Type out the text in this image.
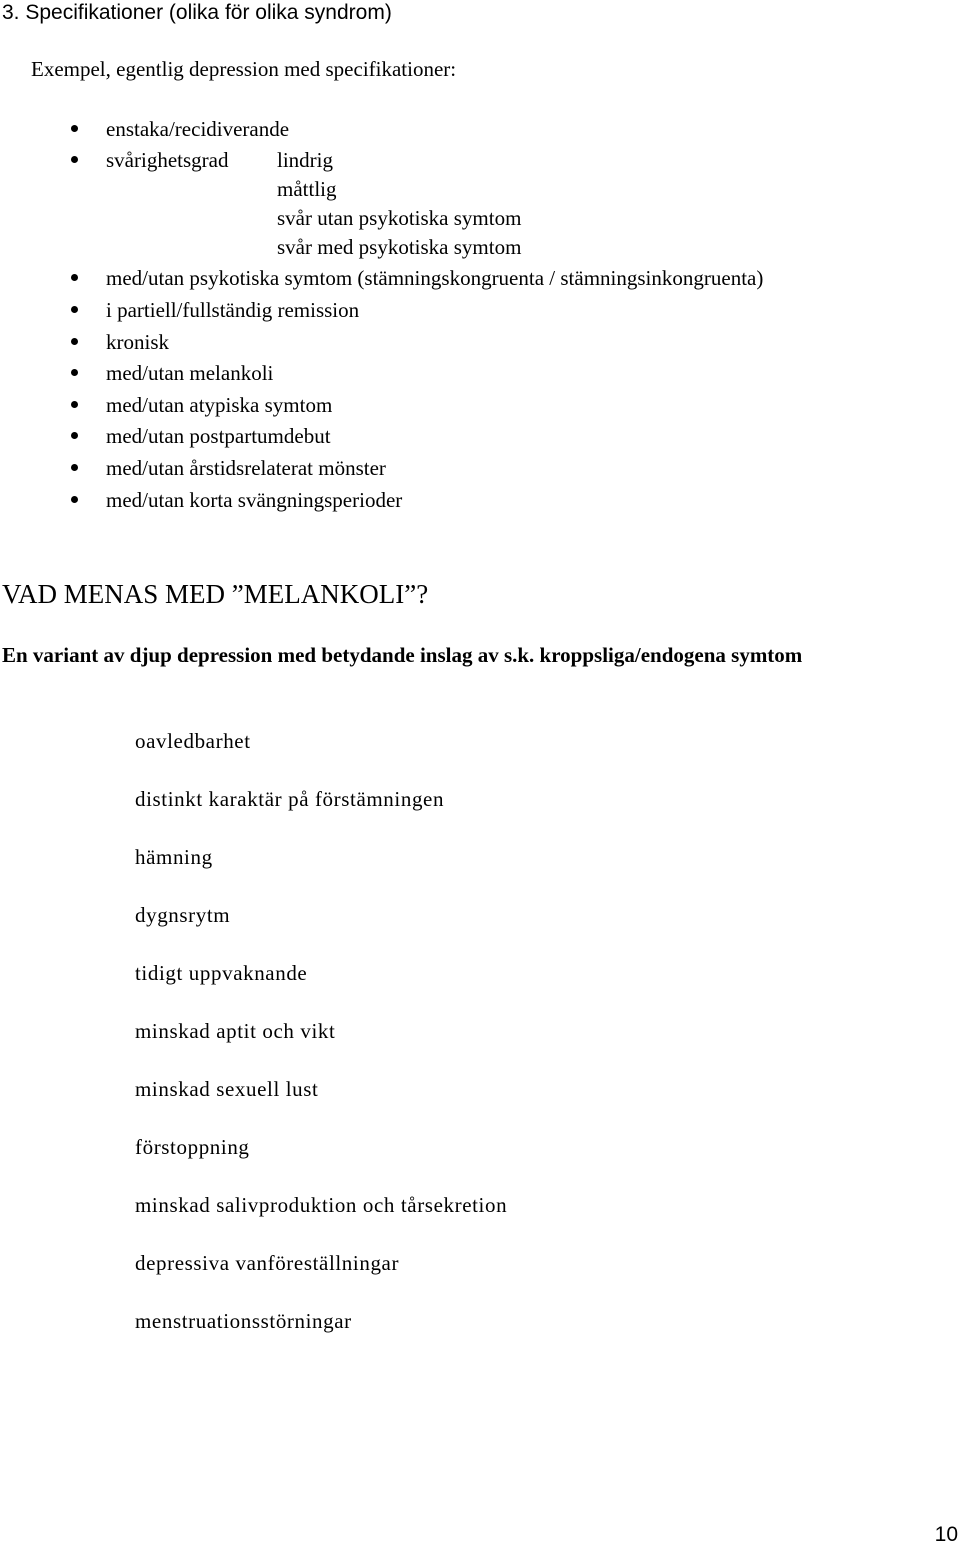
3. Specifikationer (olika för olika syndrom)
Exempel, egentlig depression med specifikationer:
enstaka/recidiverande
svårighetsgrad lindrig
med/utan psykotiska symtom (stämningskongruenta / stämningsinkongruenta)
i partiell/fullständig remission
kronisk
med/utan melankoli
med/utan atypiska symtom
med/utan postpartumdebut
med/utan årstidsrelaterat mönster
med/utan korta svängningsperioder
måttlig
svår utan psykotiska symtom
svår med psykotiska symtom
VAD MENAS MED ”MELANKOLI”?
En variant av djup depression med betydande inslag av s.k. kroppsliga/endogena symtom
oavledbarhet
distinkt karaktär på förstämningen
hämning
dygnsrytm
tidigt uppvaknande
minskad aptit och vikt
minskad sexuell lust
förstoppning
minskad salivproduktion och tårsekretion
depressiva vanföreställningar
menstruationsstörningar
10
